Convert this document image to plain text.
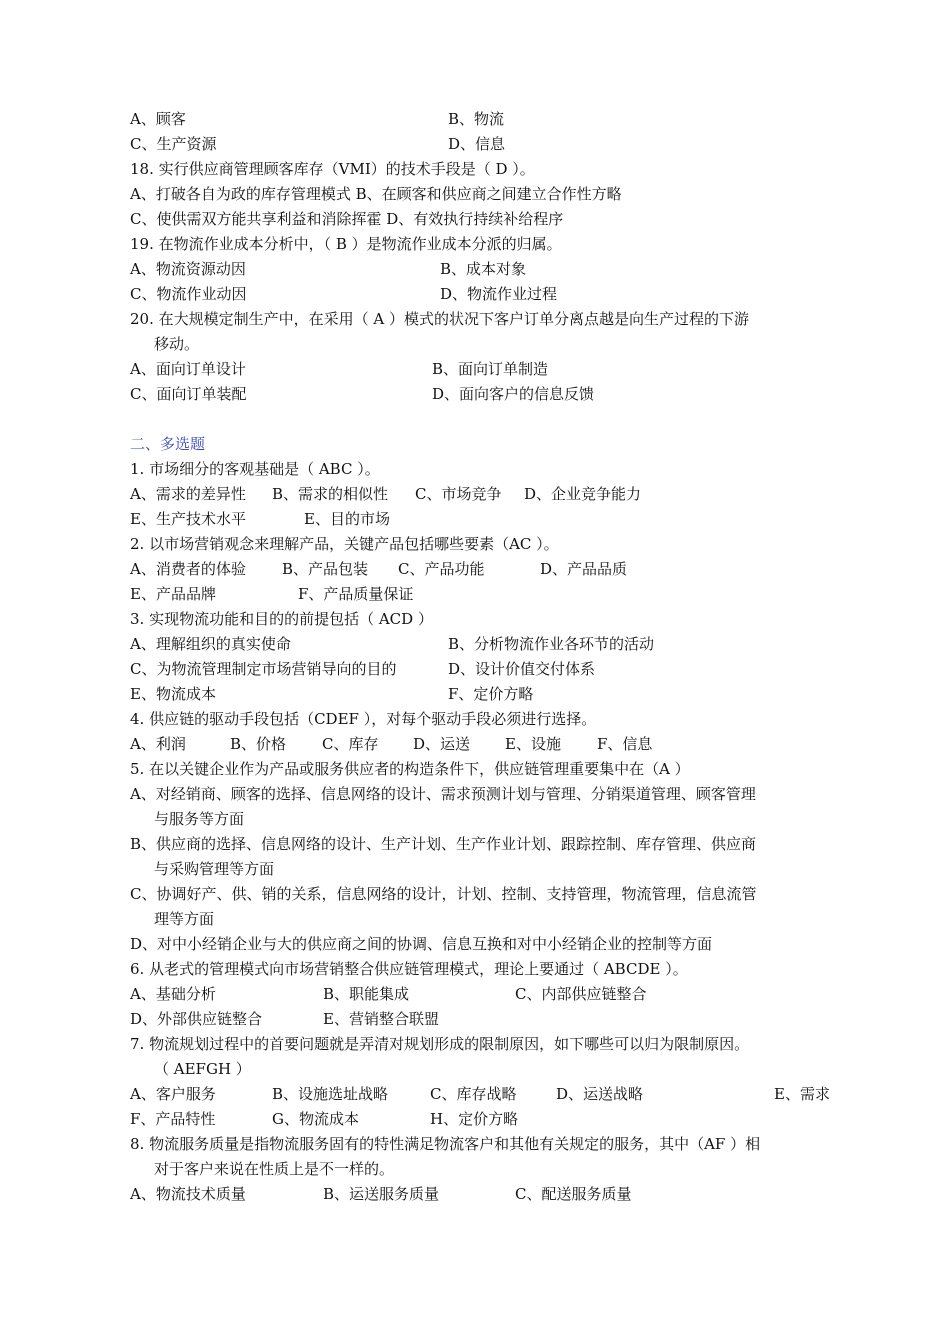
A、顾客	B、物流
C、生产资源	D、信息
18. 实行供应商管理顾客库存（VMI）的技术手段是（ D ）。
A、打破各自为政的库存管理模式 B、在顾客和供应商之间建立合作性方略
C、使供需双方能共享利益和消除挥霍 D、有效执行持续补给程序
19. 在物流作业成本分析中，（ B ）是物流作业成本分派的归属。
A、物流资源动因	B、成本对象
C、物流作业动因	D、物流作业过程
20. 在大规模定制生产中，在采用（ A ）模式的状况下客户订单分离点越是向生产过程的下游
移动。
A、面向订单设计	B、面向订单制造
C、面向订单装配	D、面向客户的信息反馈
二、多选题
1. 市场细分的客观基础是（ ABC ）。
A、需求的差异性 B、需求的相似性 C、市场竞争 D、企业竞争能力
E、生产技术水平	E、目的市场
2. 以市场营销观念来理解产品，关键产品包括哪些要素（AC ）。
A、消费者的体验 B、产品包装 C、产品功能	D、产品品质
E、产品品牌	F、产品质量保证
3. 实现物流功能和目的的前提包括（ ACD ）
A、理解组织的真实使命	B、分析物流作业各环节的活动
C、为物流管理制定市场营销导向的目的	D、设计价值交付体系
E、物流成本	F、定价方略
4. 供应链的驱动手段包括（CDEF ），对每个驱动手段必须进行选择。
A、利润	B、价格 C、库存 D、运送 E、设施 F、信息
5. 在以关键企业作为产品或服务供应者的构造条件下，供应链管理重要集中在（A ）
A、对经销商、顾客的选择、信息网络的设计、需求预测计划与管理、分销渠道管理、顾客管理
与服务等方面
B、供应商的选择、信息网络的设计、生产计划、生产作业计划、跟踪控制、库存管理、供应商
与采购管理等方面
C、协调好产、供、销的关系，信息网络的设计，计划、控制、支持管理，物流管理，信息流管
理等方面
D、对中小经销企业与大的供应商之间的协调、信息互换和对中小经销企业的控制等方面
6. 从老式的管理模式向市场营销整合供应链管理模式，理论上要通过（ ABCDE ）。
A、基础分析	B、职能集成	C、内部供应链整合
D、外部供应链整合	E、营销整合联盟
7. 物流规划过程中的首要问题就是弄清对规划形成的限制原因，如下哪些可以归为限制原因。
（ AEFGH ）
A、客户服务	B、设施选址战略	C、库存战略	D、运送战略	E、需求
F、产品特性	G、物流成本	H、定价方略
8. 物流服务质量是指物流服务固有的特性满足物流客户和其他有关规定的服务，其中（AF ）相
对于客户来说在性质上是不一样的。
A、物流技术质量	B、运送服务质量	C、配送服务质量
